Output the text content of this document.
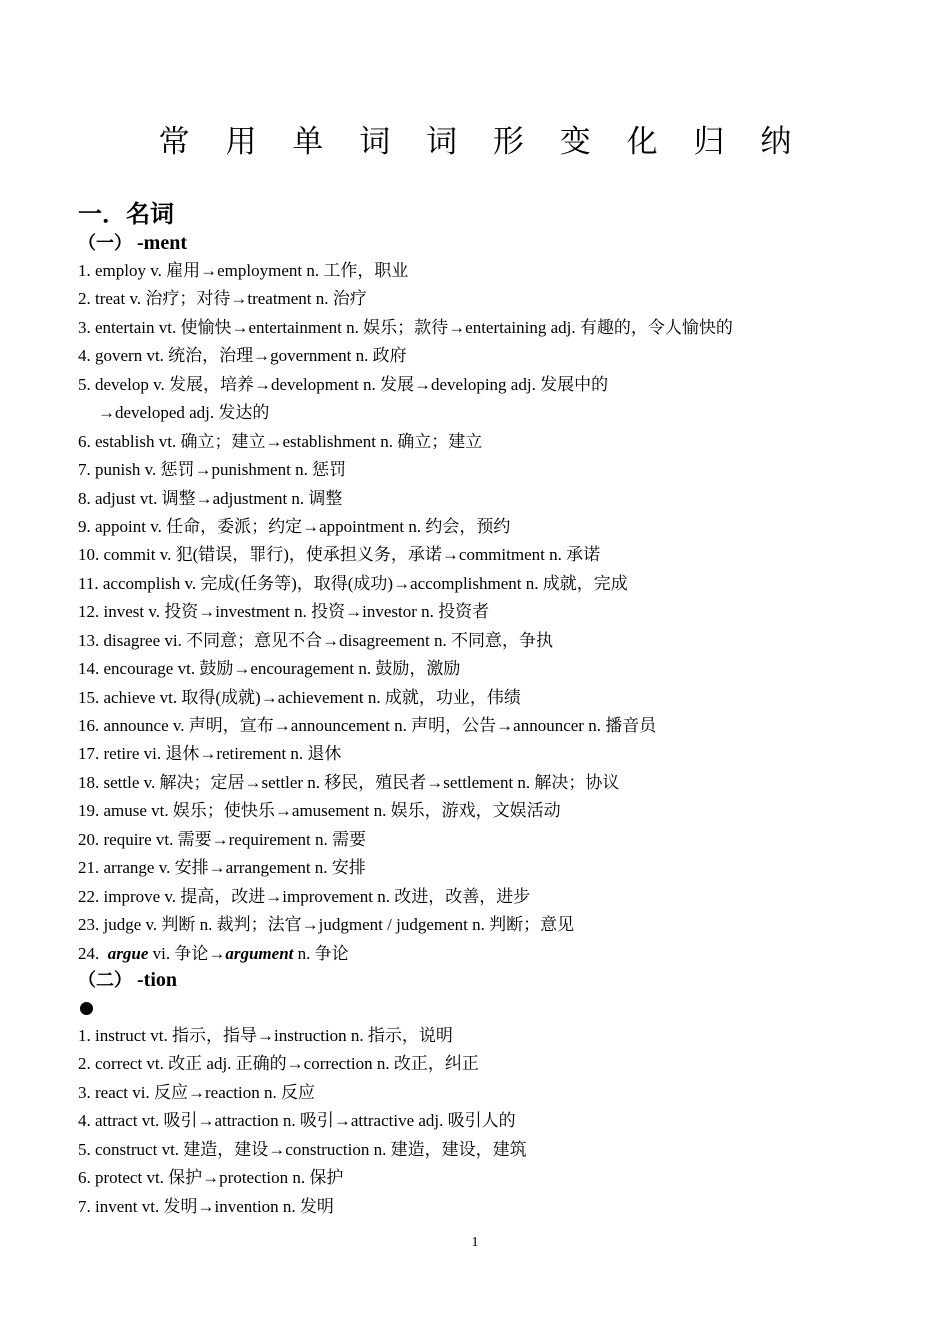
常 用 单 词 词 形 变 化 归 纳
一．名词
（一） -ment
1. employ v. 雇用→employment n. 工作，职业
2. treat v. 治疗；对待→treatment n. 治疗
3. entertain vt. 使愉快→entertainment n. 娱乐；款待→entertaining adj. 有趣的，令人愉快的
4. govern vt. 统治，治理→government n. 政府
5. develop v. 发展，培养→development n. 发展→developing adj. 发展中的
→developed adj. 发达的
6. establish vt. 确立；建立→establishment n. 确立；建立
7. punish v. 惩罚→punishment n. 惩罚
8. adjust vt. 调整→adjustment n. 调整
9. appoint v. 任命，委派；约定→appointment n. 约会，预约
10. commit v. 犯(错误，罪行)，使承担义务，承诺→commitment n. 承诺
11. accomplish v. 完成(任务等)，取得(成功)→accomplishment n. 成就，完成
12. invest v. 投资→investment n. 投资→investor n. 投资者
13. disagree vi. 不同意；意见不合→disagreement n. 不同意，争执
14. encourage vt. 鼓励→encouragement n. 鼓励，激励
15. achieve vt. 取得(成就)→achievement n. 成就，功业，伟绩
16. announce v. 声明，宣布→announcement n. 声明，公告→announcer n. 播音员
17. retire vi. 退休→retirement n. 退休
18. settle v. 解决；定居→settler n. 移民，殖民者→settlement n. 解决；协议
19. amuse vt. 娱乐；使快乐→amusement n. 娱乐，游戏，文娱活动
20. require vt. 需要→requirement n. 需要
21. arrange v. 安排→arrangement n. 安排
22. improve v. 提高，改进→improvement n. 改进，改善，进步
23. judge v. 判断 n. 裁判；法官→judgment / judgement n. 判断；意见
24. argue vi. 争论→argument n. 争论
（二） -tion
1. instruct vt. 指示，指导→instruction n. 指示，说明
2. correct vt. 改正 adj. 正确的→correction n. 改正，纠正
3. react vi. 反应→reaction n. 反应
4. attract vt. 吸引→attraction n. 吸引→attractive adj. 吸引人的
5. construct vt. 建造，建设→construction n. 建造，建设，建筑
6. protect vt. 保护→protection n. 保护
7. invent vt. 发明→invention n. 发明
1
